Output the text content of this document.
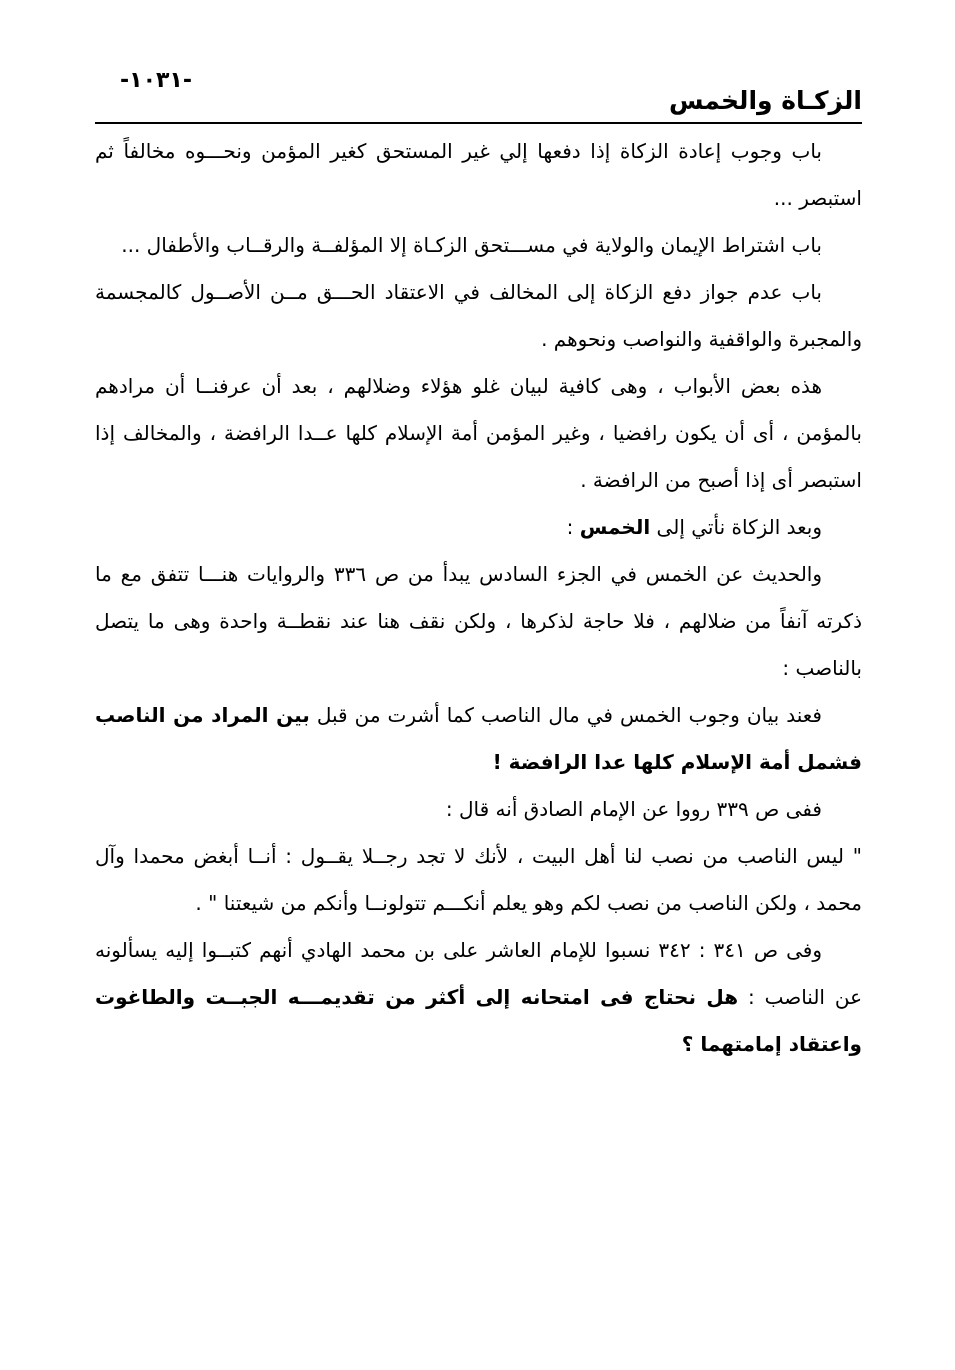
-١٠٣١-
الزكـاة والخمس

باب وجوب إعادة الزكاة إذا دفعها إلي غير المستحق كغير المؤمن ونحـــوه مخالفاً ثم استبصر ...

باب اشتراط الإيمان والولاية في مســـتحق الزكـاة إلا المؤلفــة والرقــاب والأطفال ...

باب عدم جواز دفع الزكاة إلى المخالف في الاعتقاد الحـــق مــن الأصــول كالمجسمة والمجبرة والواقفية والنواصب ونحوهم .

هذه بعض الأبواب ، وهى كافية لبيان غلو هؤلاء وضلالهم ، بعد أن عرفنــا أن مرادهم بالمؤمن ، أى أن يكون رافضيا ، وغير المؤمن أمة الإسلام كلها عــدا الرافضة ، والمخالف إذا استبصر أى إذا أصبح من الرافضة .

وبعد الزكاة نأتي إلى الخمس :

والحديث عن الخمس في الجزء السادس يبدأ من ص ٣٣٦ والروايات هنـــا تتفق مع ما ذكرته آنفاً من ضلالهم ، فلا حاجة لذكرها ، ولكن نقف هنا عند نقطــة واحدة وهى ما يتصل بالناصب :

فعند بيان وجوب الخمس في مال الناصب كما أشرت من قبل بين المراد من الناصب فشمل أمة الإسلام كلها عدا الرافضة !

ففى ص ٣٣٩ رووا عن الإمام الصادق أنه قال :

" ليس الناصب من نصب لنا أهل البيت ، لأنك لا تجد رجــلا يقــول : أنــا أبغض محمدا وآل محمد ، ولكن الناصب من نصب لكم وهو يعلم أنكـــم تتولونــا وأنكم من شيعتنا " .

وفى ص ٣٤١ : ٣٤٢ نسبوا للإمام العاشر على بن محمد الهادي أنهم كتبــوا إليه يسألونه عن الناصب : هل نحتاج فى امتحانه إلى أكثر من تقديمـــه الجبــت والطاغوت واعتقاد إمامتهما ؟
